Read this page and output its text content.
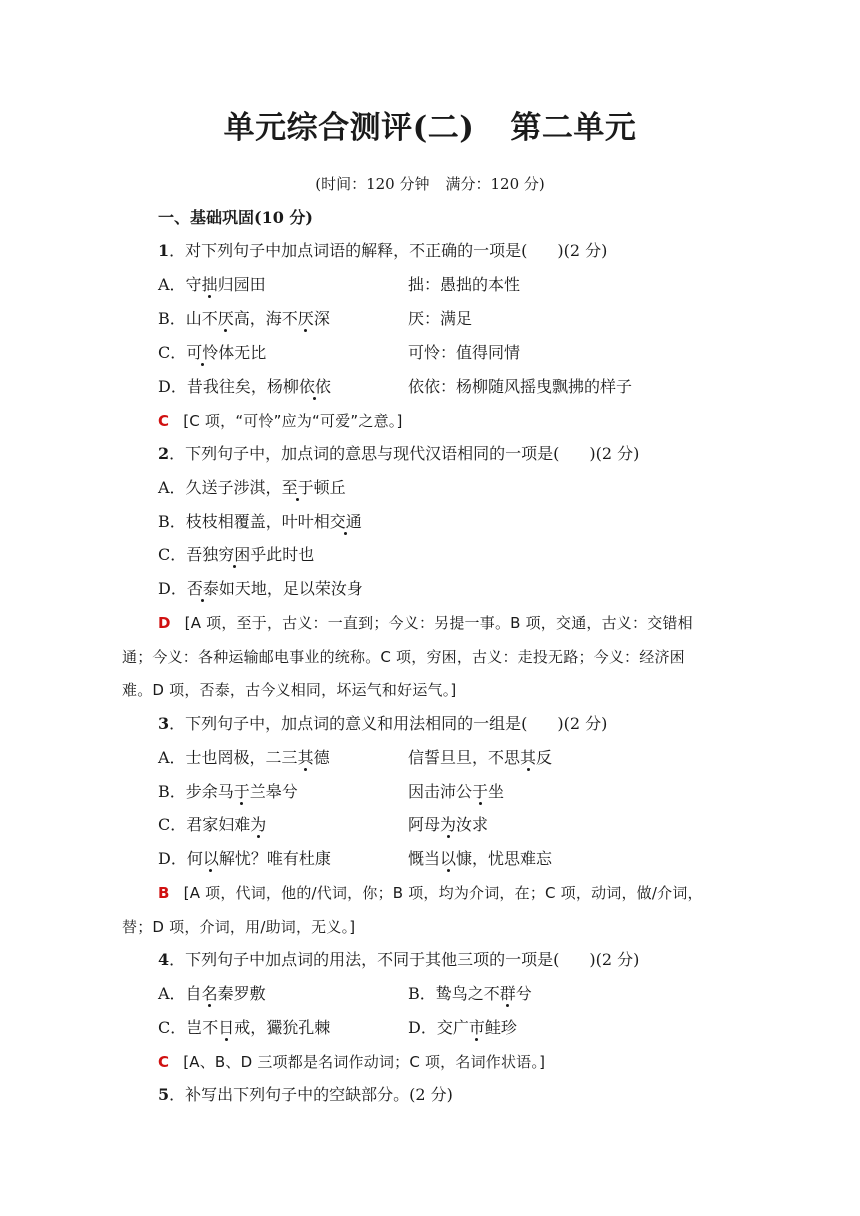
单元综合测评(二) 第二单元
(时间：120 分钟 满分：120 分)
一、基础巩固(10 分)
1．对下列句子中加点词语的解释，不正确的一项是( )(2 分)
A．守拙归园田	拙：愚拙的本性
B．山不厌高，海不厌深	厌：满足
C．可怜体无比	可怜：值得同情
D．昔我往矣，杨柳依依	依依：杨柳随风摇曳飘拂的样子
C [C 项，“可怜”应为“可爱”之意。]
2．下列句子中，加点词的意思与现代汉语相同的一项是( )(2 分)
A．久送子涉淇，至于顿丘
B．枝枝相覆盖，叶叶相交通
C．吾独穷困乎此时也
D．否泰如天地，足以荣汝身
D [A 项，至于，古义：一直到；今义：另提一事。B 项，交通，古义：交错相
通；今义：各种运输邮电事业的统称。C 项，穷困，古义：走投无路；今义：经济困
难。D 项，否泰，古今义相同，坏运气和好运气。]
3．下列句子中，加点词的意义和用法相同的一组是( )(2 分)
A．士也罔极，二三其德	信誓旦旦，不思其反
B．步余马于兰皋兮	因击沛公于坐
C．君家妇难为	阿母为汝求
D．何以解忧？唯有杜康	慨当以慷，忧思难忘
B [A 项，代词，他的/代词，你；B 项，均为介词，在；C 项，动词，做/介词，
替；D 项，介词，用/助词，无义。]
4．下列句子中加点词的用法，不同于其他三项的一项是( )(2 分)
A．自名秦罗敷	B．鸷鸟之不群兮
C．岂不日戒，玁狁孔棘	D．交广市鲑珍
C [A、B、D 三项都是名词作动词；C 项，名词作状语。]
5．补写出下列句子中的空缺部分。(2 分)
